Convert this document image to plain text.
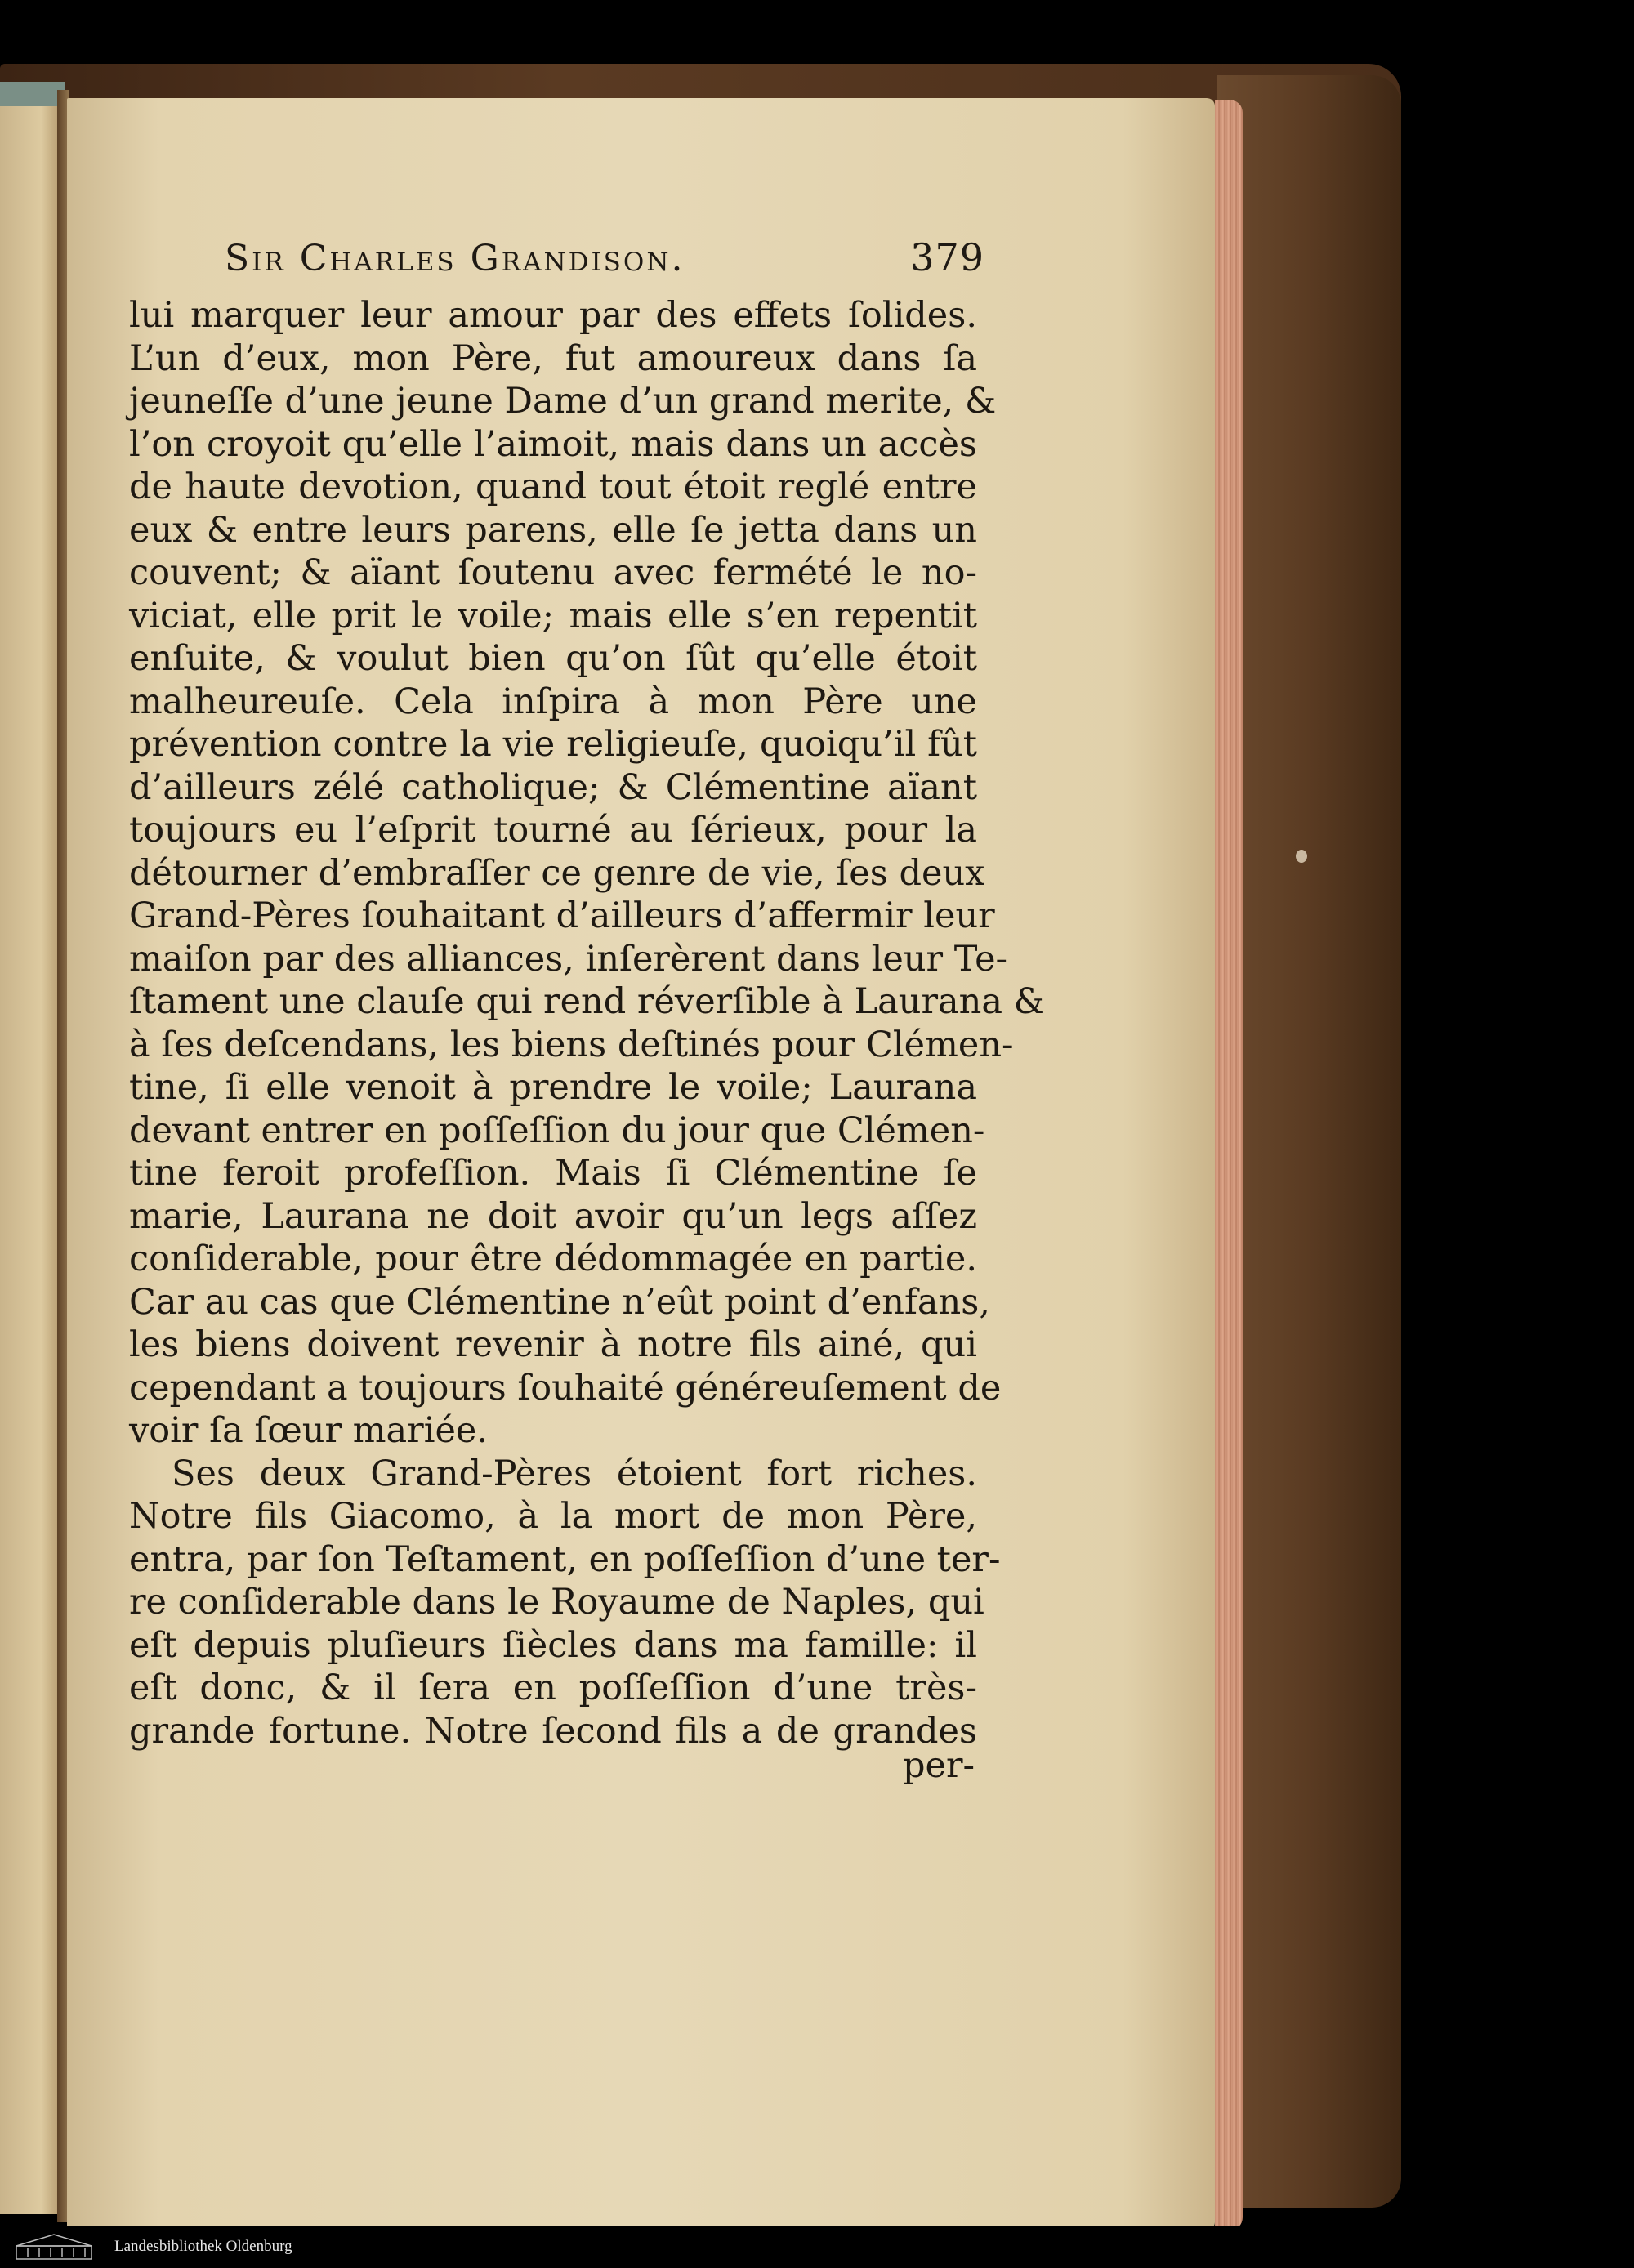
Sir Charles Grandison.	379
lui marquer leur amour par des effets ſolides.
L’un d’eux, mon Père, fut amoureux dans ſa
jeuneſſe d’une jeune Dame d’un grand merite, &
l’on croyoit qu’elle l’aimoit, mais dans un accès
de haute devotion, quand tout étoit reglé entre
eux & entre leurs parens, elle ſe jetta dans un
couvent; & aïant ſoutenu avec fermété le no-
viciat, elle prit le voile; mais elle s’en repentit
enſuite, & voulut bien qu’on ſût qu’elle étoit
malheureuſe. Cela inſpira à mon Père une
prévention contre la vie religieuſe, quoiqu’il fût
d’ailleurs zélé catholique; & Clémentine aïant
toujours eu l’eſprit tourné au ſérieux, pour la
détourner d’embraſſer ce genre de vie, ſes deux
Grand-Pères ſouhaitant d’ailleurs d’affermir leur
maiſon par des alliances, inſerèrent dans leur Te-
ſtament une clauſe qui rend réverſible à Laurana &
à ſes deſcendans, les biens deſtinés pour Clémen-
tine, ſi elle venoit à prendre le voile; Laurana
devant entrer en poſſeſſion du jour que Clémen-
tine feroit profeſſion. Mais ſi Clémentine ſe
marie, Laurana ne doit avoir qu’un legs aſſez
conſiderable, pour être dédommagée en partie.
Car au cas que Clémentine n’eût point d’enfans,
les biens doivent revenir à notre fils ainé, qui
cependant a toujours ſouhaité généreuſement de
voir ſa ſœur mariée.
Ses deux Grand-Pères étoient fort riches.
Notre fils Giacomo, à la mort de mon Père,
entra, par ſon Teſtament, en poſſeſſion d’une ter-
re conſiderable dans le Royaume de Naples, qui
eſt depuis pluſieurs ſiècles dans ma famille: il
eſt donc, & il ſera en poſſeſſion d’une très-
grande fortune. Notre ſecond fils a de grandes
per-
Landesbibliothek Oldenburg
